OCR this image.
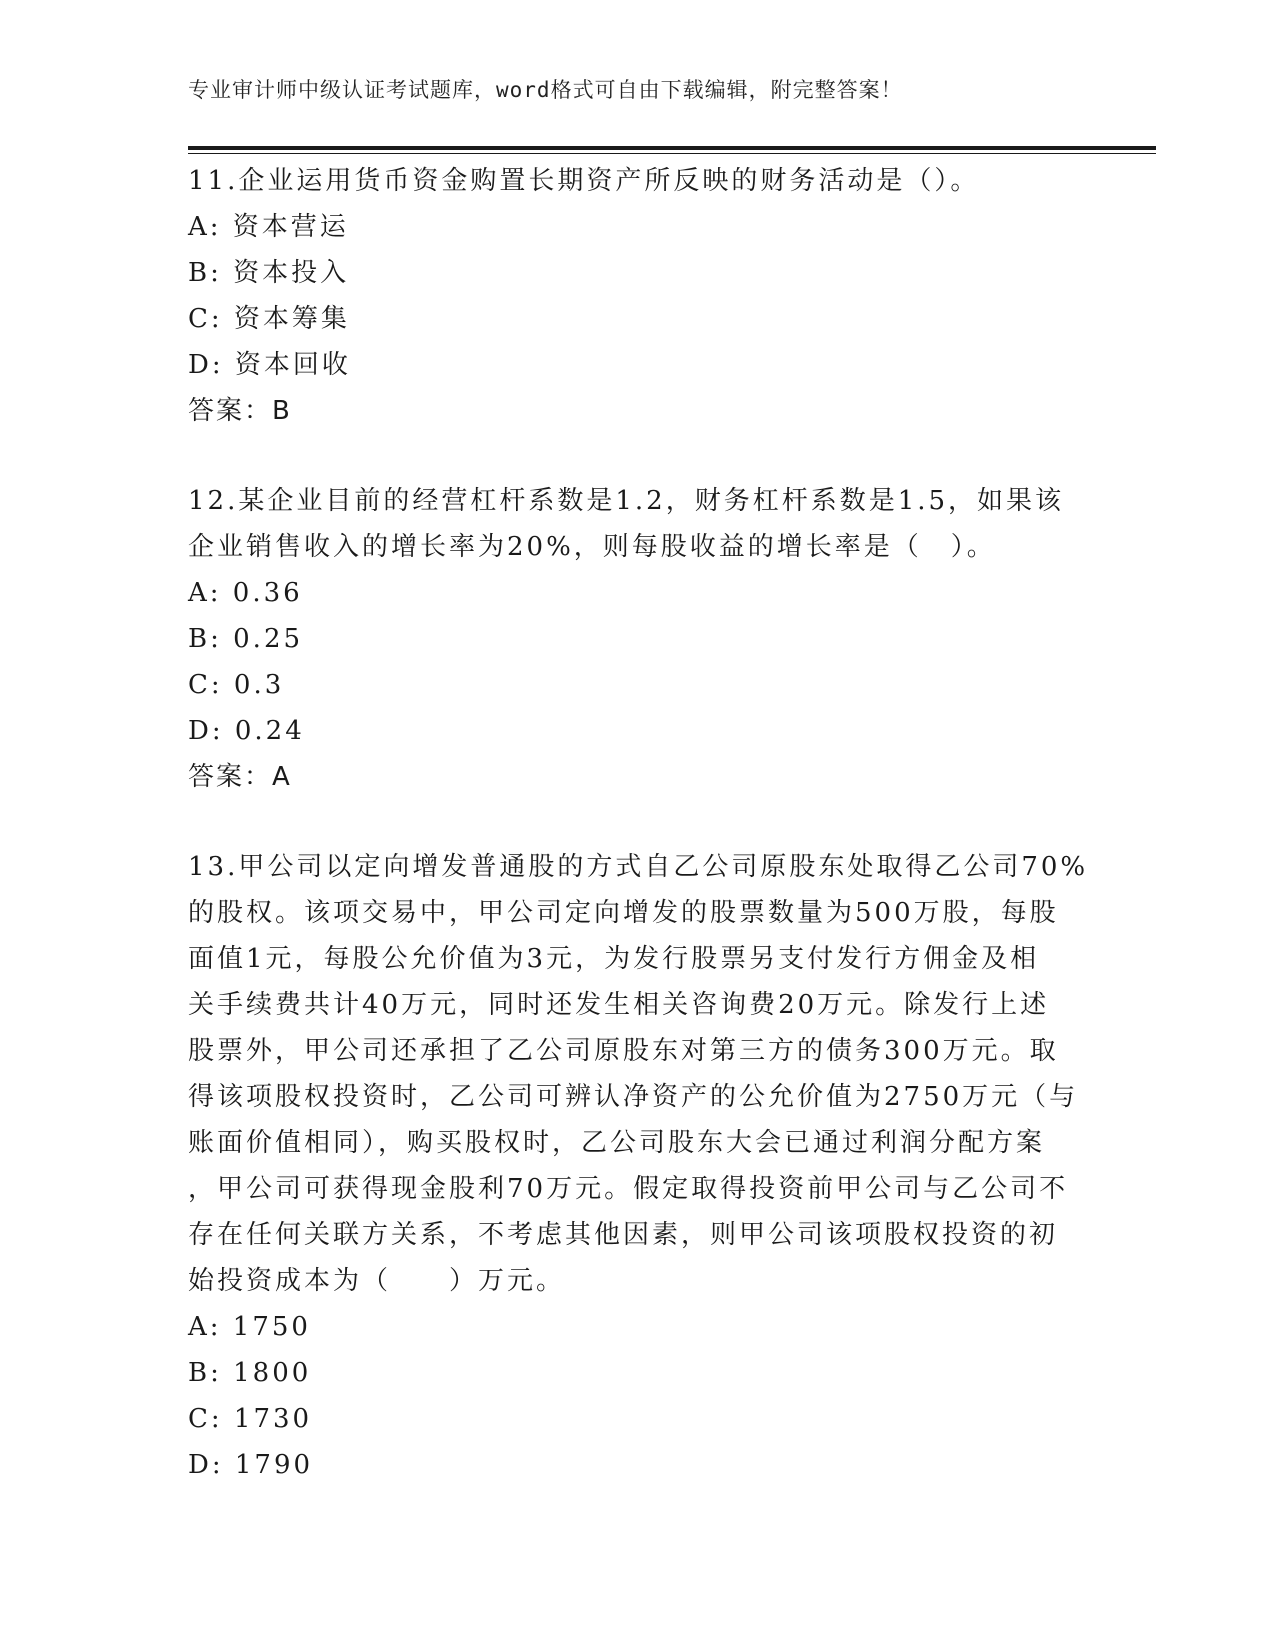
专业审计师中级认证考试题库，word格式可自由下载编辑，附完整答案！
11.企业运用货币资金购置长期资产所反映的财务活动是（）。
A: 资本营运
B: 资本投入
C: 资本筹集
D: 资本回收
答案：B
12.某企业目前的经营杠杆系数是1.2，财务杠杆系数是1.5，如果该
企业销售收入的增长率为20%，则每股收益的增长率是（　）。
A: 0.36
B: 0.25
C: 0.3
D: 0.24
答案：A
13.甲公司以定向增发普通股的方式自乙公司原股东处取得乙公司70%
的股权。该项交易中，甲公司定向增发的股票数量为500万股，每股
面值1元，每股公允价值为3元，为发行股票另支付发行方佣金及相
关手续费共计40万元，同时还发生相关咨询费20万元。除发行上述
股票外，甲公司还承担了乙公司原股东对第三方的债务300万元。取
得该项股权投资时，乙公司可辨认净资产的公允价值为2750万元（与
账面价值相同），购买股权时，乙公司股东大会已通过利润分配方案
，甲公司可获得现金股利70万元。假定取得投资前甲公司与乙公司不
存在任何关联方关系，不考虑其他因素，则甲公司该项股权投资的初
始投资成本为（　　）万元。
A: 1750
B: 1800
C: 1730
D: 1790
